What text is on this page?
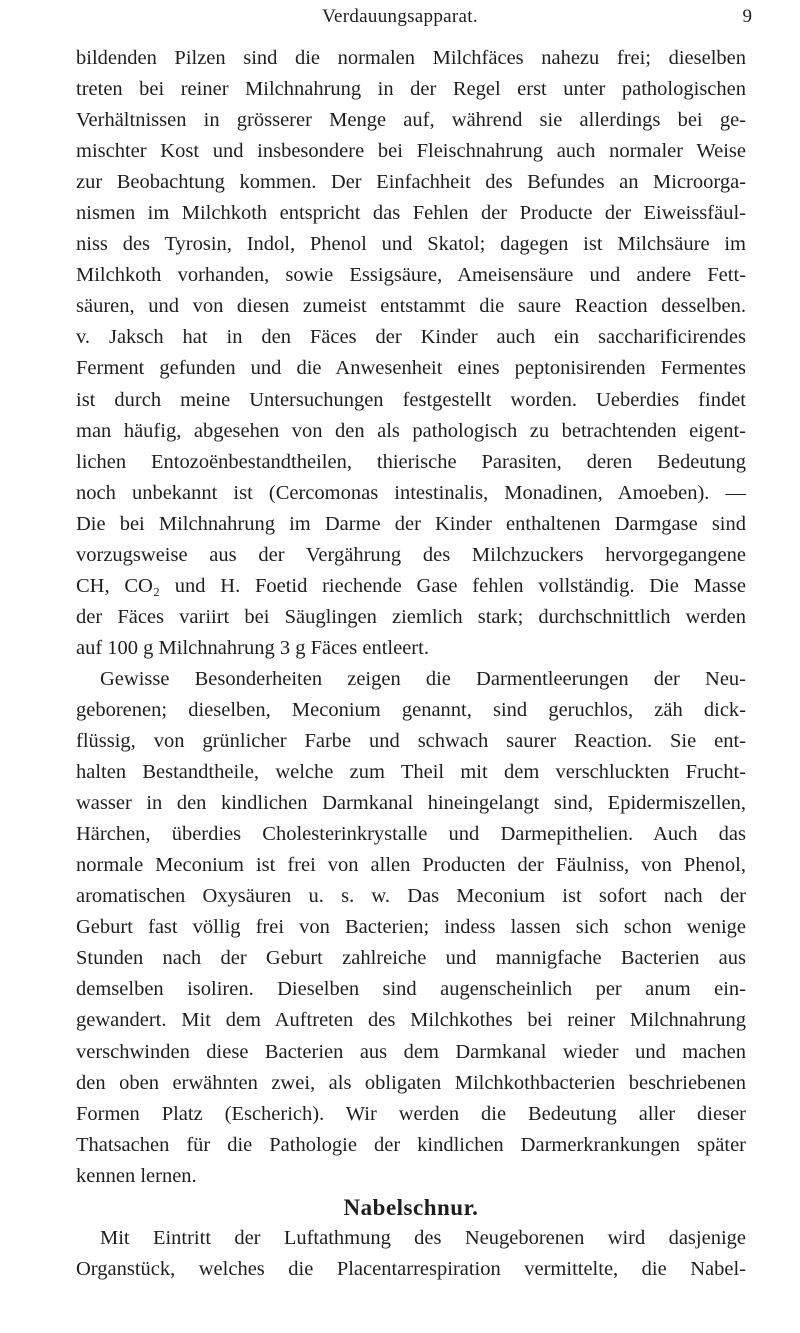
Verdauungsapparat.	9
bildenden Pilzen sind die normalen Milchfäces nahezu frei; dieselben
treten bei reiner Milchnahrung in der Regel erst unter pathologischen
Verhältnissen in grösserer Menge auf, während sie allerdings bei ge-
mischter Kost und insbesondere bei Fleischnahrung auch normaler Weise
zur Beobachtung kommen. Der Einfachheit des Befundes an Microorga-
nismen im Milchkoth entspricht das Fehlen der Producte der Eiweissfäul-
niss des Tyrosin, Indol, Phenol und Skatol; dagegen ist Milchsäure im
Milchkoth vorhanden, sowie Essigsäure, Ameisensäure und andere Fett-
säuren, und von diesen zumeist entstammt die saure Reaction desselben.
v. Jaksch hat in den Fäces der Kinder auch ein saccharificirendes
Ferment gefunden und die Anwesenheit eines peptonisirenden Fermentes
ist durch meine Untersuchungen festgestellt worden. Ueberdies findet
man häufig, abgesehen von den als pathologisch zu betrachtenden eigent-
lichen Entozoënbestandtheilen, thierische Parasiten, deren Bedeutung
noch unbekannt ist (Cercomonas intestinalis, Monadinen, Amoeben). —
Die bei Milchnahrung im Darme der Kinder enthaltenen Darmgase sind
vorzugsweise aus der Vergährung des Milchzuckers hervorgegangene
CH, CO₂ und H. Foetid riechende Gase fehlen vollständig. Die Masse
der Fäces variirt bei Säuglingen ziemlich stark; durchschnittlich werden
auf 100 g Milchnahrung 3 g Fäces entleert.
Gewisse Besonderheiten zeigen die Darmentleerungen der Neu-
geborenen; dieselben, Meconium genannt, sind geruchlos, zäh dick-
flüssig, von grünlicher Farbe und schwach saurer Reaction. Sie ent-
halten Bestandtheile, welche zum Theil mit dem verschluckten Frucht-
wasser in den kindlichen Darmkanal hineingelangt sind, Epidermiszellen,
Härchen, überdies Cholesterinkrystalle und Darmepithelien. Auch das
normale Meconium ist frei von allen Producten der Fäulniss, von Phenol,
aromatischen Oxysäuren u. s. w. Das Meconium ist sofort nach der
Geburt fast völlig frei von Bacterien; indess lassen sich schon wenige
Stunden nach der Geburt zahlreiche und mannigfache Bacterien aus
demselben isoliren. Dieselben sind augenscheinlich per anum ein-
gewandert. Mit dem Auftreten des Milchkothes bei reiner Milchnahrung
verschwinden diese Bacterien aus dem Darmkanal wieder und machen
den oben erwähnten zwei, als obligaten Milchkothbacterien beschriebenen
Formen Platz (Escherich). Wir werden die Bedeutung aller dieser
Thatsachen für die Pathologie der kindlichen Darmerkrankungen später
kennen lernen.
Nabelschnur.
Mit Eintritt der Luftathmung des Neugeborenen wird dasjenige
Organstück, welches die Placentarrespiration vermittelte, die Nabel-
